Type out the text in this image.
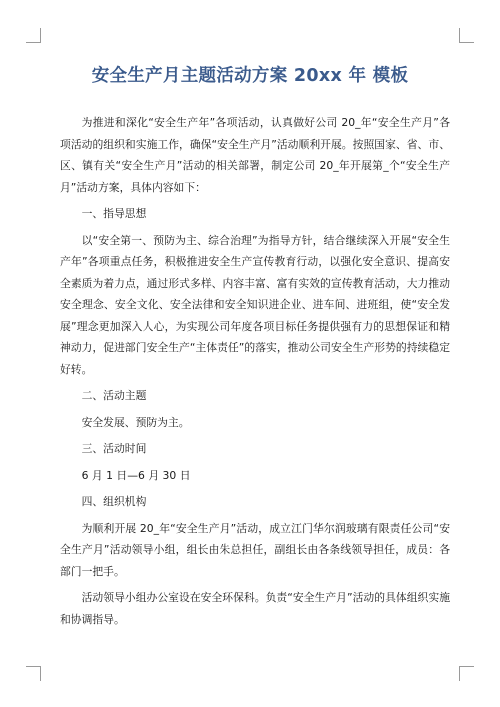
安全生产月主题活动方案 20xx 年 模板

为推进和深化“安全生产年”各项活动，认真做好公司 20_年“安全生产月”各项活动的组织和实施工作，确保“安全生产月”活动顺利开展。按照国家、省、市、区、镇有关“安全生产月”活动的相关部署，制定公司 20_年开展第_个“安全生产月”活动方案，具体内容如下：

一、指导思想

以“安全第一、预防为主、综合治理”为指导方针，结合继续深入开展“安全生产年”各项重点任务，积极推进安全生产宣传教育行动，以强化安全意识、提高安全素质为着力点，通过形式多样、内容丰富、富有实效的宣传教育活动，大力推动安全理念、安全文化、安全法律和安全知识进企业、进车间、进班组，使“安全发展”理念更加深入人心，为实现公司年度各项目标任务提供强有力的思想保证和精神动力，促进部门安全生产“主体责任”的落实，推动公司安全生产形势的持续稳定好转。

二、活动主题

安全发展、预防为主。

三、活动时间

6 月 1 日—6 月 30 日

四、组织机构

为顺利开展 20_年“安全生产月”活动，成立江门华尔润玻璃有限责任公司“安全生产月”活动领导小组，组长由朱总担任，副组长由各条线领导担任，成员：各部门一把手。

活动领导小组办公室设在安全环保科。负责“安全生产月”活动的具体组织实施和协调指导。
